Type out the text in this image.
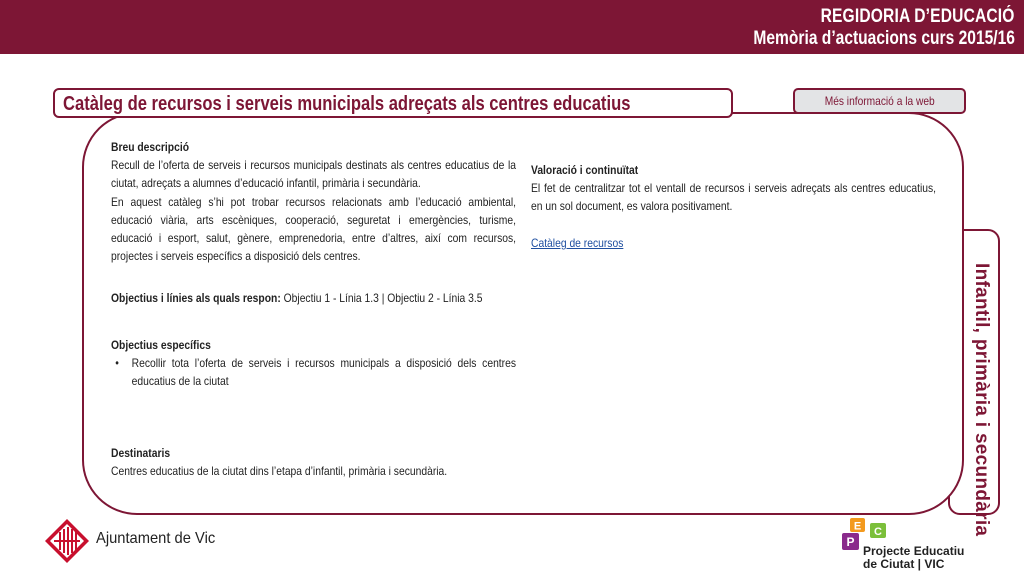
REGIDORIA D’EDUCACIÓ
Memòria d’actuacions curs 2015/16
Catàleg de recursos i serveis municipals adreçats als centres educatius	Més informació a la web
Infantil, primària i secundària
Breu descripció
Recull de l’oferta de serveis i recursos municipals destinats als centres educatius de la ciutat, adreçats a alumnes d’educació infantil, primària i secundària.
En aquest catàleg s’hi pot trobar recursos relacionats amb l’educació ambiental, educació viària, arts escèniques, cooperació, seguretat i emergències, turisme, educació i esport, salut, gènere, emprenedoria, entre d’altres, així com recursos, projectes i serveis específics a disposició dels centres.
Objectius i línies als quals respon: Objectiu 1 - Línia 1.3 | Objectiu 2 - Línia 3.5
Objectius específics
• Recollir tota l’oferta de serveis i recursos municipals a disposició dels centres educatius de la ciutat
Destinataris
Centres educatius de la ciutat dins l’etapa d’infantil, primària i secundària.
Valoració i continuïtat
El fet de centralitzar tot el ventall de recursos i serveis adreçats als centres educatius, en un sol document, es valora positivament.
Catàleg de recursos
Ajuntament de Vic
E C
P
Projecte Educatiu
de Ciutat | VIC
